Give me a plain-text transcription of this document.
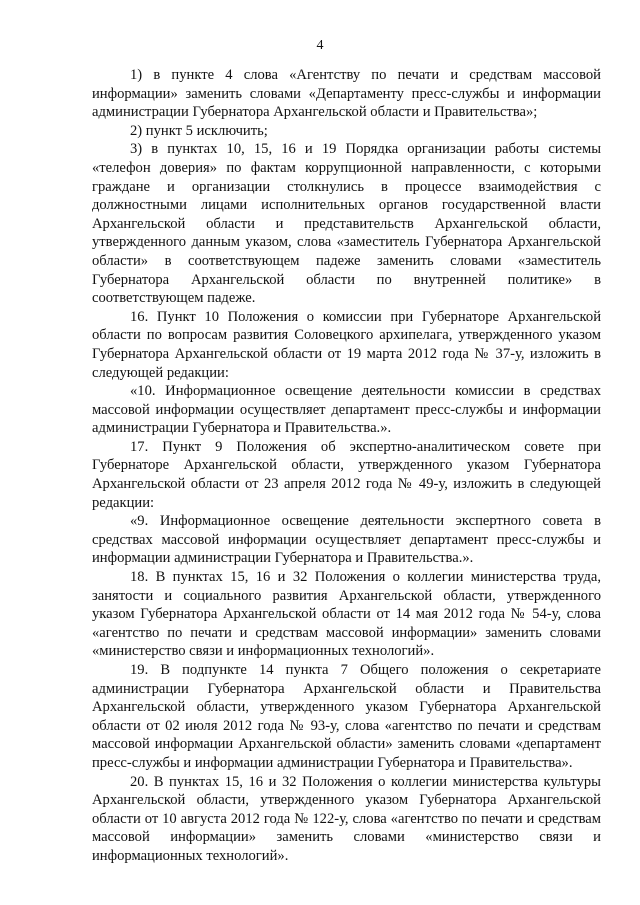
4

1) в пункте 4 слова «Агентству по печати и средствам массовой информации» заменить словами «Департаменту пресс-службы и информации администрации Губернатора Архангельской области и Правительства»;

2) пункт 5 исключить;

3) в пунктах 10, 15, 16 и 19 Порядка организации работы системы «телефон доверия» по фактам коррупционной направленности, с которыми граждане и организации столкнулись в процессе взаимодействия с должностными лицами исполнительных органов государственной власти Архангельской области и представительств Архангельской области, утвержденного данным указом, слова «заместитель Губернатора Архангельской области» в соответствующем падеже заменить словами «заместитель Губернатора Архангельской области по внутренней политике» в соответствующем падеже.

16. Пункт 10 Положения о комиссии при Губернаторе Архангельской области по вопросам развития Соловецкого архипелага, утвержденного указом Губернатора Архангельской области от 19 марта 2012 года № 37-у, изложить в следующей редакции:

«10. Информационное освещение деятельности комиссии в средствах массовой информации осуществляет департамент пресс-службы и информации администрации Губернатора и Правительства.».

17. Пункт 9 Положения об экспертно-аналитическом совете при Губернаторе Архангельской области, утвержденного указом Губернатора Архангельской области от 23 апреля 2012 года № 49-у, изложить в следующей редакции:

«9. Информационное освещение деятельности экспертного совета в средствах массовой информации осуществляет департамент пресс-службы и информации администрации Губернатора и Правительства.».

18. В пунктах 15, 16 и 32 Положения о коллегии министерства труда, занятости и социального развития Архангельской области, утвержденного указом Губернатора Архангельской области от 14 мая 2012 года № 54-у, слова «агентство по печати и средствам массовой информации» заменить словами «министерство связи и информационных технологий».

19. В подпункте 14 пункта 7 Общего положения о секретариате администрации Губернатора Архангельской области и Правительства Архангельской области, утвержденного указом Губернатора Архангельской области от 02 июля 2012 года № 93-у, слова «агентство по печати и средствам массовой информации Архангельской области» заменить словами «департамент пресс-службы и информации администрации Губернатора и Правительства».

20. В пунктах 15, 16 и 32 Положения о коллегии министерства культуры Архангельской области, утвержденного указом Губернатора Архангельской области от 10 августа 2012 года № 122-у, слова «агентство по печати и средствам массовой информации» заменить словами «министерство связи и информационных технологий».
